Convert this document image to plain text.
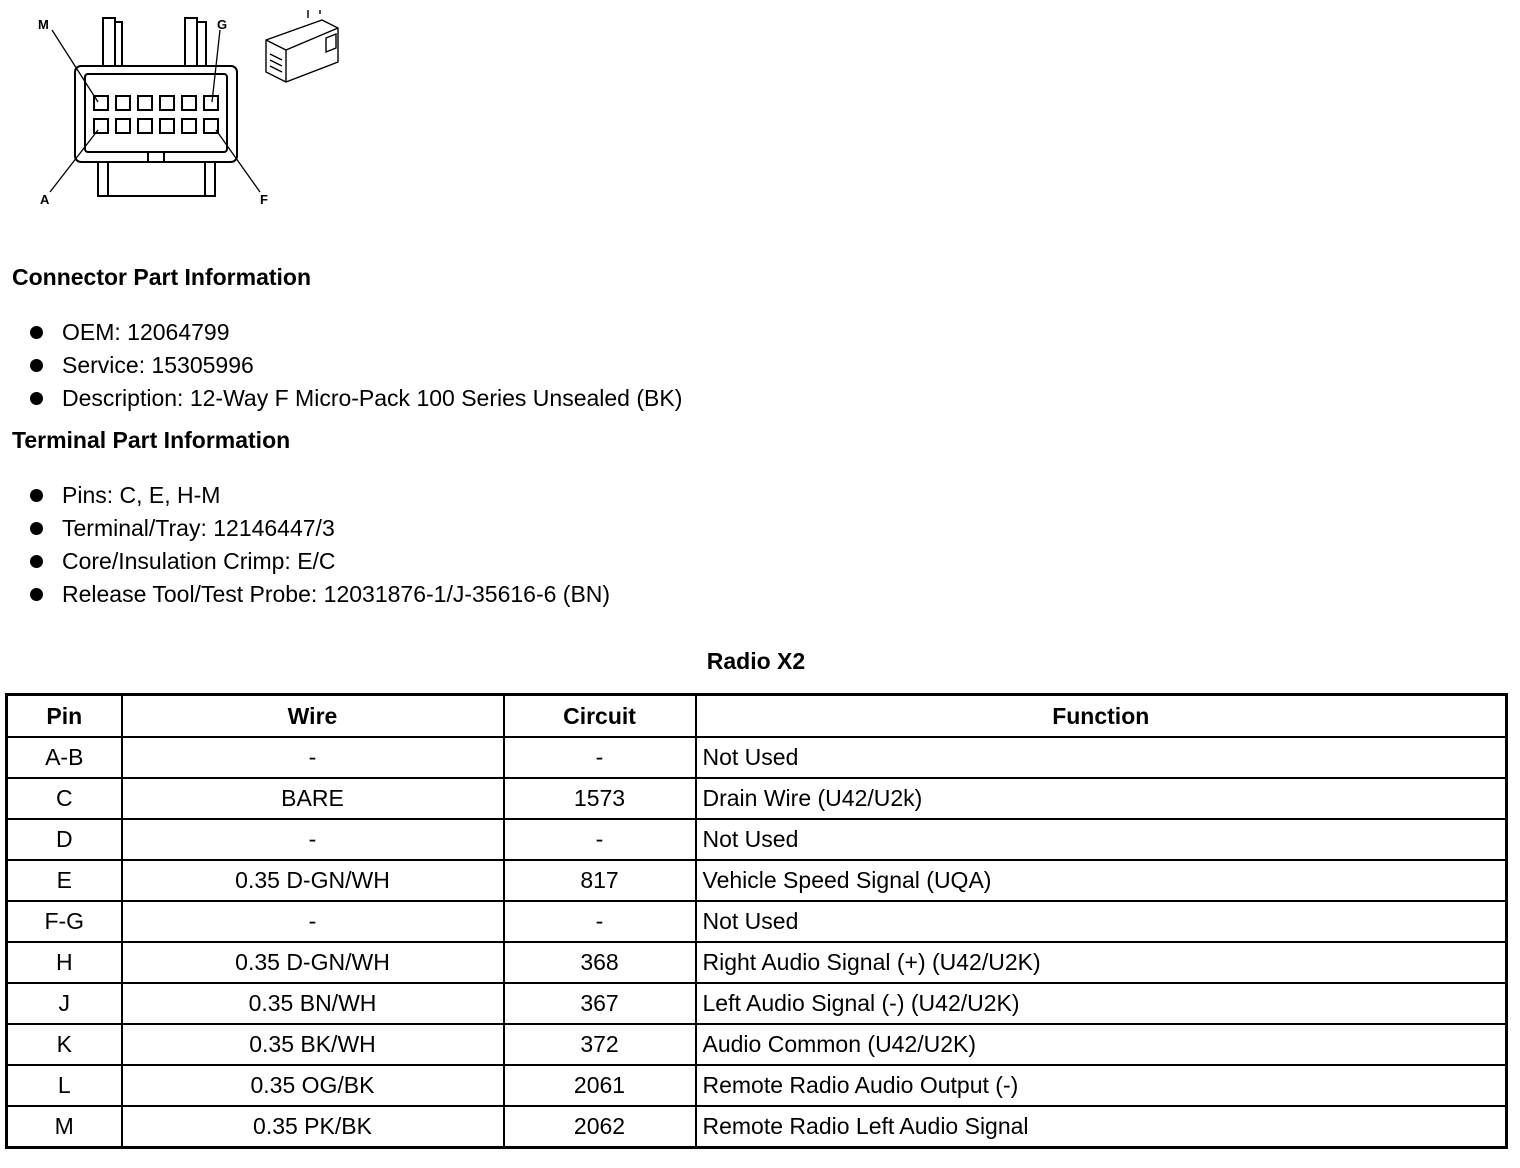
M	G
A	F
Connector Part Information
OEM: 12064799
Service: 15305996
Description: 12-Way F Micro-Pack 100 Series Unsealed (BK)
Terminal Part Information
Pins: C, E, H-M
Terminal/Tray: 12146447/3
Core/Insulation Crimp: E/C
Release Tool/Test Probe: 12031876-1/J-35616-6 (BN)
Radio X2
Pin	Wire	Circuit	Function
A-B	-	-	Not Used
C	BARE	1573	Drain Wire (U42/U2k)
D	-	-	Not Used
E	0.35 D-GN/WH	817	Vehicle Speed Signal (UQA)
F-G	-	-	Not Used
H	0.35 D-GN/WH	368	Right Audio Signal (+) (U42/U2K)
J	0.35 BN/WH	367	Left Audio Signal (-) (U42/U2K)
K	0.35 BK/WH	372	Audio Common (U42/U2K)
L	0.35 OG/BK	2061	Remote Radio Audio Output (-)
M	0.35 PK/BK	2062	Remote Radio Left Audio Signal
